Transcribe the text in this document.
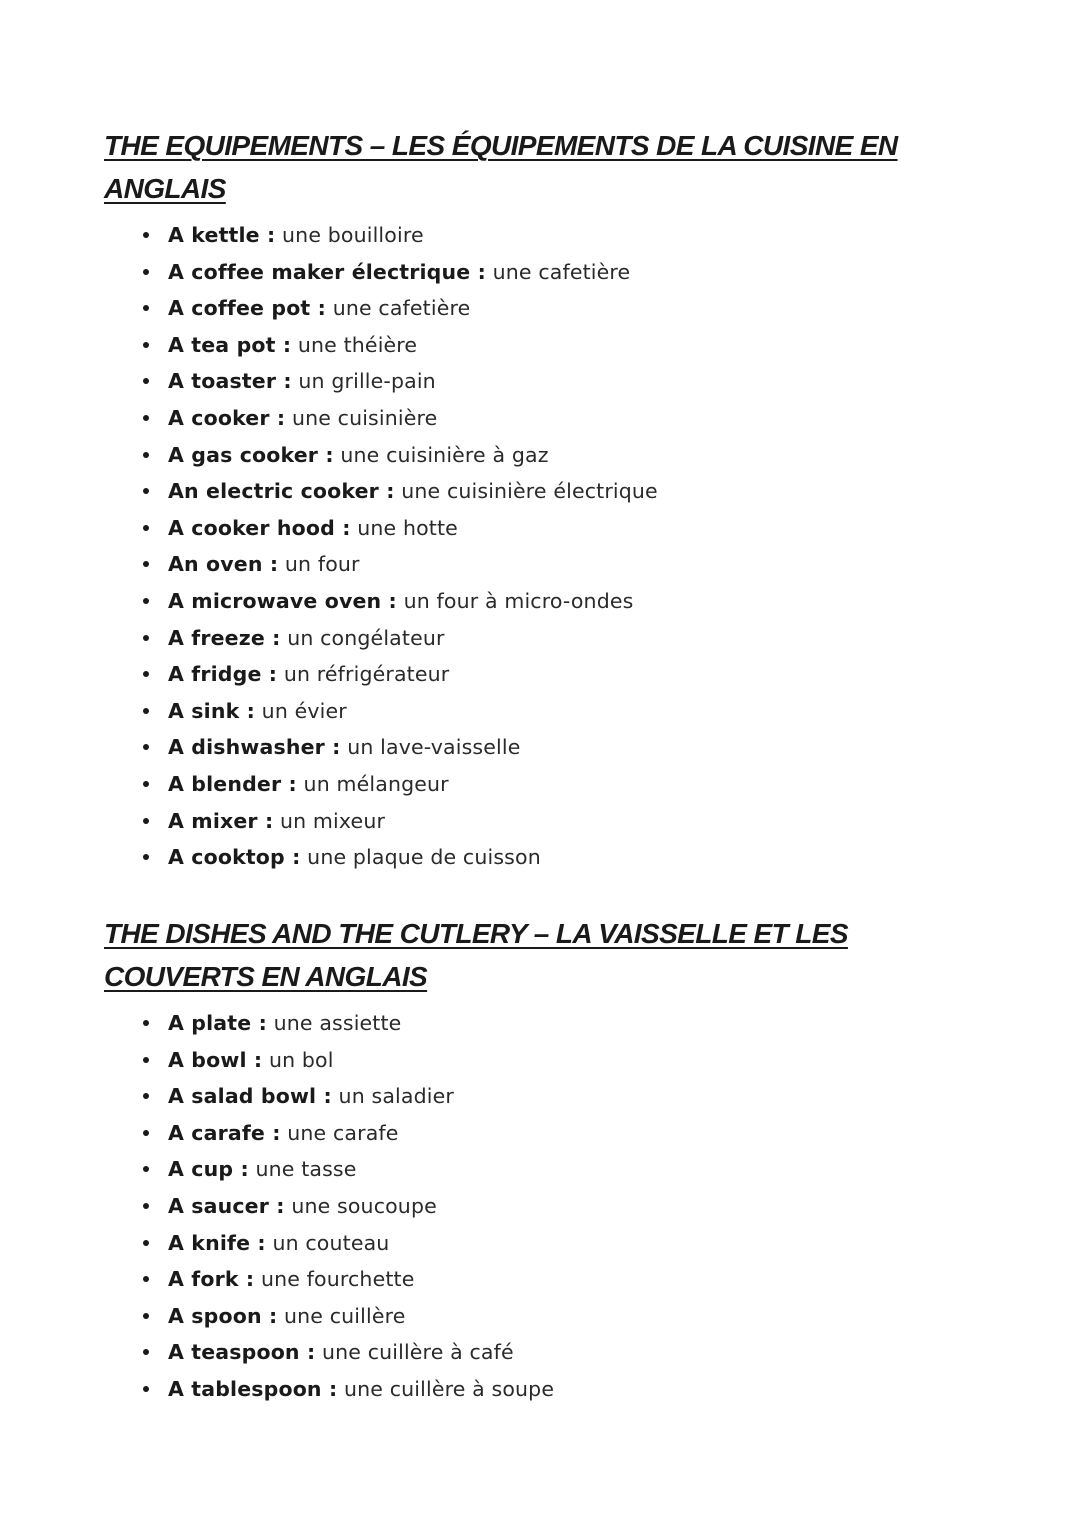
THE EQUIPEMENTS – LES ÉQUIPEMENTS DE LA CUISINE EN ANGLAIS
A kettle : une bouilloire
A coffee maker électrique : une cafetière
A coffee pot : une cafetière
A tea pot : une théière
A toaster : un grille-pain
A cooker : une cuisinière
A gas cooker : une cuisinière à gaz
An electric cooker : une cuisinière électrique
A cooker hood : une hotte
An oven : un four
A microwave oven : un four à micro-ondes
A freeze : un congélateur
A fridge : un réfrigérateur
A sink : un évier
A dishwasher : un lave-vaisselle
A blender : un mélangeur
A mixer : un mixeur
A cooktop : une plaque de cuisson
THE DISHES AND THE CUTLERY – LA VAISSELLE ET LES COUVERTS EN ANGLAIS
A plate : une assiette
A bowl : un bol
A salad bowl : un saladier
A carafe : une carafe
A cup : une tasse
A saucer : une soucoupe
A knife : un couteau
A fork : une fourchette
A spoon : une cuillère
A teaspoon : une cuillère à café
A tablespoon : une cuillère à soupe
